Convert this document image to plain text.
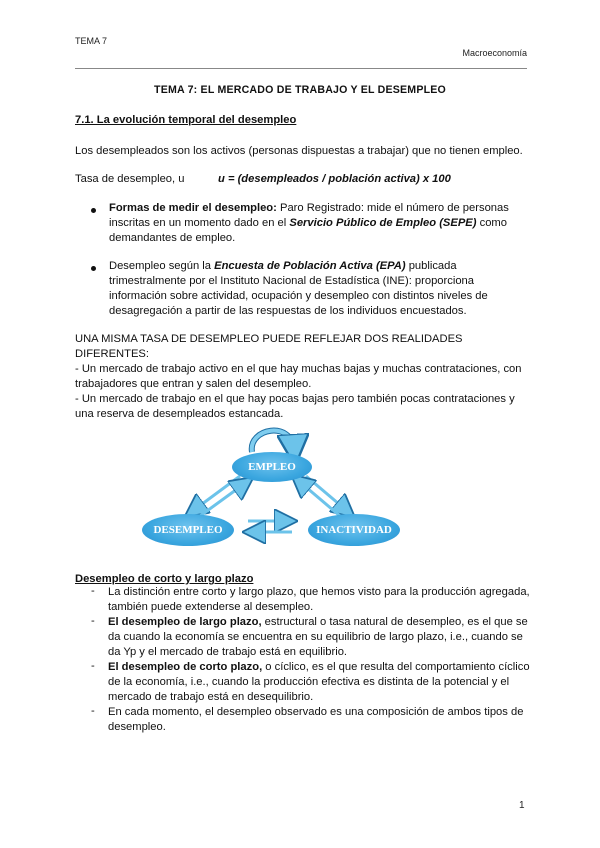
TEMA 7
Macroeconomía
TEMA 7: EL MERCADO DE TRABAJO Y EL DESEMPLEO
7.1. La evolución temporal del desempleo
Los desempleados son los activos (personas dispuestas a trabajar) que no tienen empleo.
Tasa de desempleo, u	u = (desempleados / población activa) x 100

Formas de medir el desempleo: Paro Registrado: mide el número de personas

inscritas en un momento dado en el Servicio Público de Empleo (SEPE) como

demandantes de empleo.

Desempleo según la Encuesta de Población Activa (EPA) publicada

trimestralmente por el Instituto Nacional de Estadística (INE): proporciona

información sobre actividad, ocupación y desempleo con distintos niveles de

desagregación a partir de las respuestas de los individuos encuestados.

UNA MISMA TASA DE DESEMPLEO PUEDE REFLEJAR DOS REALIDADES

DIFERENTES:

- Un mercado de trabajo activo en el que hay muchas bajas y muchas contrataciones, con

trabajadores que entran y salen del desempleo.

- Un mercado de trabajo en el que hay pocas bajas pero también pocas contrataciones y

una reserva de desempleados estancada.

EMPLEO
DESEMPLEO	INACTIVIDAD
Desempleo de corto y largo plazo
- La distinción entre corto y largo plazo, que hemos visto para la producción agregada,

también puede extenderse al desempleo.

- El desempleo de largo plazo, estructural o tasa natural de desempleo, es el que se

da cuando la economía se encuentra en su equilibrio de largo plazo, i.e., cuando se

da Yp y el mercado de trabajo está en equilibrio.

- El desempleo de corto plazo, o cíclico, es el que resulta del comportamiento cíclico

de la economía, i.e., cuando la producción efectiva es distinta de la potencial y el

mercado de trabajo está en desequilibrio.

- En cada momento, el desempleo observado es una composición de ambos tipos de

desempleo.

1
